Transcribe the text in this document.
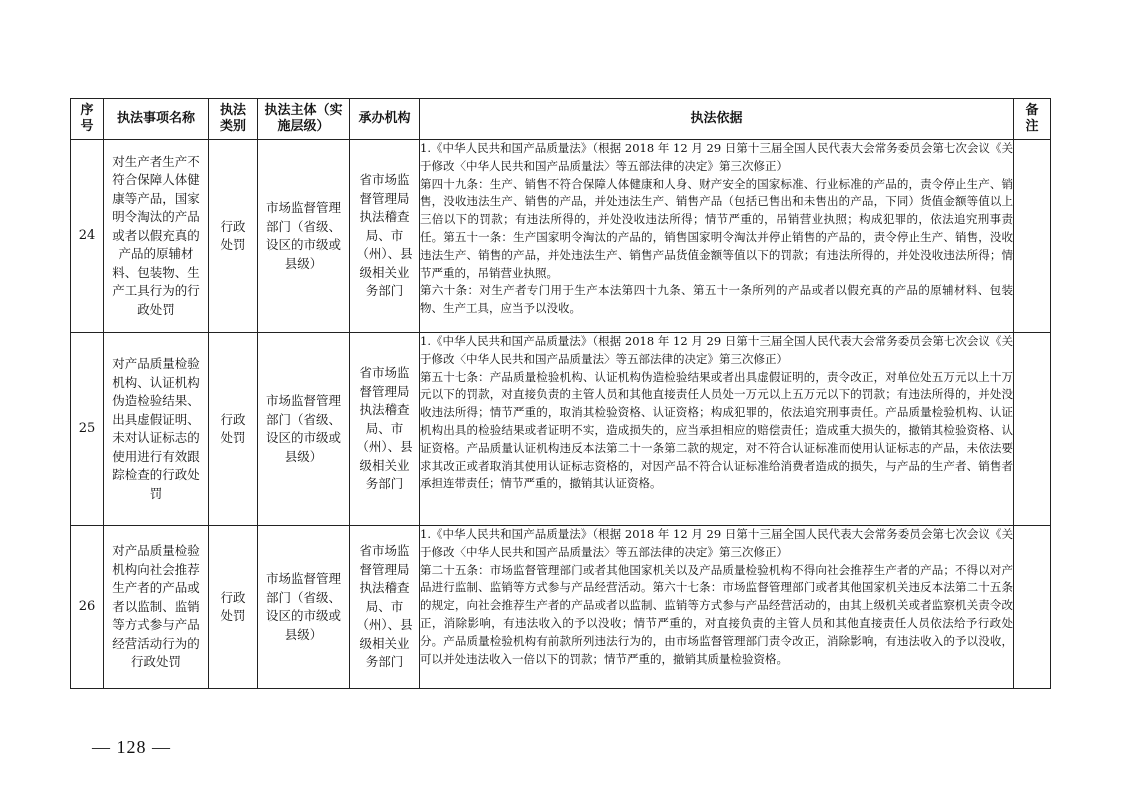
序号	执法事项名称	执法类别	执法主体（实施层级）	承办机构	执法依据	备注
24	对生产者生产不符合保障人体健康等产品，国家明令淘汰的产品或者以假充真的产品的原辅材料、包装物、生产工具行为的行政处罚	行政处罚	市场监督管理部门（省级、设区的市级或县级）	省市场监督管理局执法稽查局、市（州）、县级相关业务部门	1.《中华人民共和国产品质量法》（根据 2018 年 12 月 29 日第十三届全国人民代表大会常务委员会第七次会议《关于修改〈中华人民共和国产品质量法〉等五部法律的决定》第三次修正）

第四十九条：生产、销售不符合保障人体健康和人身、财产安全的国家标准、行业标准的产品的，责令停止生产、销售，没收违法生产、销售的产品，并处违法生产、销售产品（包括已售出和未售出的产品，下同）货值金额等值以上三倍以下的罚款；有违法所得的，并处没收违法所得；情节严重的，吊销营业执照；构成犯罪的，依法追究刑事责任。第五十一条：生产国家明令淘汰的产品的，销售国家明令淘汰并停止销售的产品的，责令停止生产、销售，没收违法生产、销售的产品，并处违法生产、销售产品货值金额等值以下的罚款；有违法所得的，并处没收违法所得；情节严重的，吊销营业执照。

第六十条：对生产者专门用于生产本法第四十九条、第五十一条所列的产品或者以假充真的产品的原辅材料、包装物、生产工具，应当予以没收。	

25	对产品质量检验机构、认证机构伪造检验结果、出具虚假证明、未对认证标志的使用进行有效跟踪检查的行政处罚	行政处罚	市场监督管理部门（省级、设区的市级或县级）	省市场监督管理局执法稽查局、市（州）、县级相关业务部门	1.《中华人民共和国产品质量法》（根据 2018 年 12 月 29 日第十三届全国人民代表大会常务委员会第七次会议《关于修改〈中华人民共和国产品质量法〉等五部法律的决定》第三次修正）

第五十七条：产品质量检验机构、认证机构伪造检验结果或者出具虚假证明的，责令改正，对单位处五万元以上十万元以下的罚款，对直接负责的主管人员和其他直接责任人员处一万元以上五万元以下的罚款；有违法所得的，并处没收违法所得；情节严重的，取消其检验资格、认证资格；构成犯罪的，依法追究刑事责任。产品质量检验机构、认证机构出具的检验结果或者证明不实，造成损失的，应当承担相应的赔偿责任；造成重大损失的，撤销其检验资格、认证资格。产品质量认证机构违反本法第二十一条第二款的规定，对不符合认证标准而使用认证标志的产品，未依法要求其改正或者取消其使用认证标志资格的，对因产品不符合认证标准给消费者造成的损失，与产品的生产者、销售者承担连带责任；情节严重的，撤销其认证资格。	

26	对产品质量检验机构向社会推荐生产者的产品或者以监制、监销等方式参与产品经营活动行为的行政处罚	行政处罚	市场监督管理部门（省级、设区的市级或县级）	省市场监督管理局执法稽查局、市（州）、县级相关业务部门	1.《中华人民共和国产品质量法》（根据 2018 年 12 月 29 日第十三届全国人民代表大会常务委员会第七次会议《关于修改〈中华人民共和国产品质量法〉等五部法律的决定》第三次修正）

第二十五条：市场监督管理部门或者其他国家机关以及产品质量检验机构不得向社会推荐生产者的产品；不得以对产品进行监制、监销等方式参与产品经营活动。第六十七条：市场监督管理部门或者其他国家机关违反本法第二十五条的规定，向社会推荐生产者的产品或者以监制、监销等方式参与产品经营活动的，由其上级机关或者监察机关责令改正，消除影响，有违法收入的予以没收；情节严重的，对直接负责的主管人员和其他直接责任人员依法给予行政处分。产品质量检验机构有前款所列违法行为的，由市场监督管理部门责令改正，消除影响，有违法收入的予以没收，可以并处违法收入一倍以下的罚款；情节严重的，撤销其质量检验资格。	

— 128 —
